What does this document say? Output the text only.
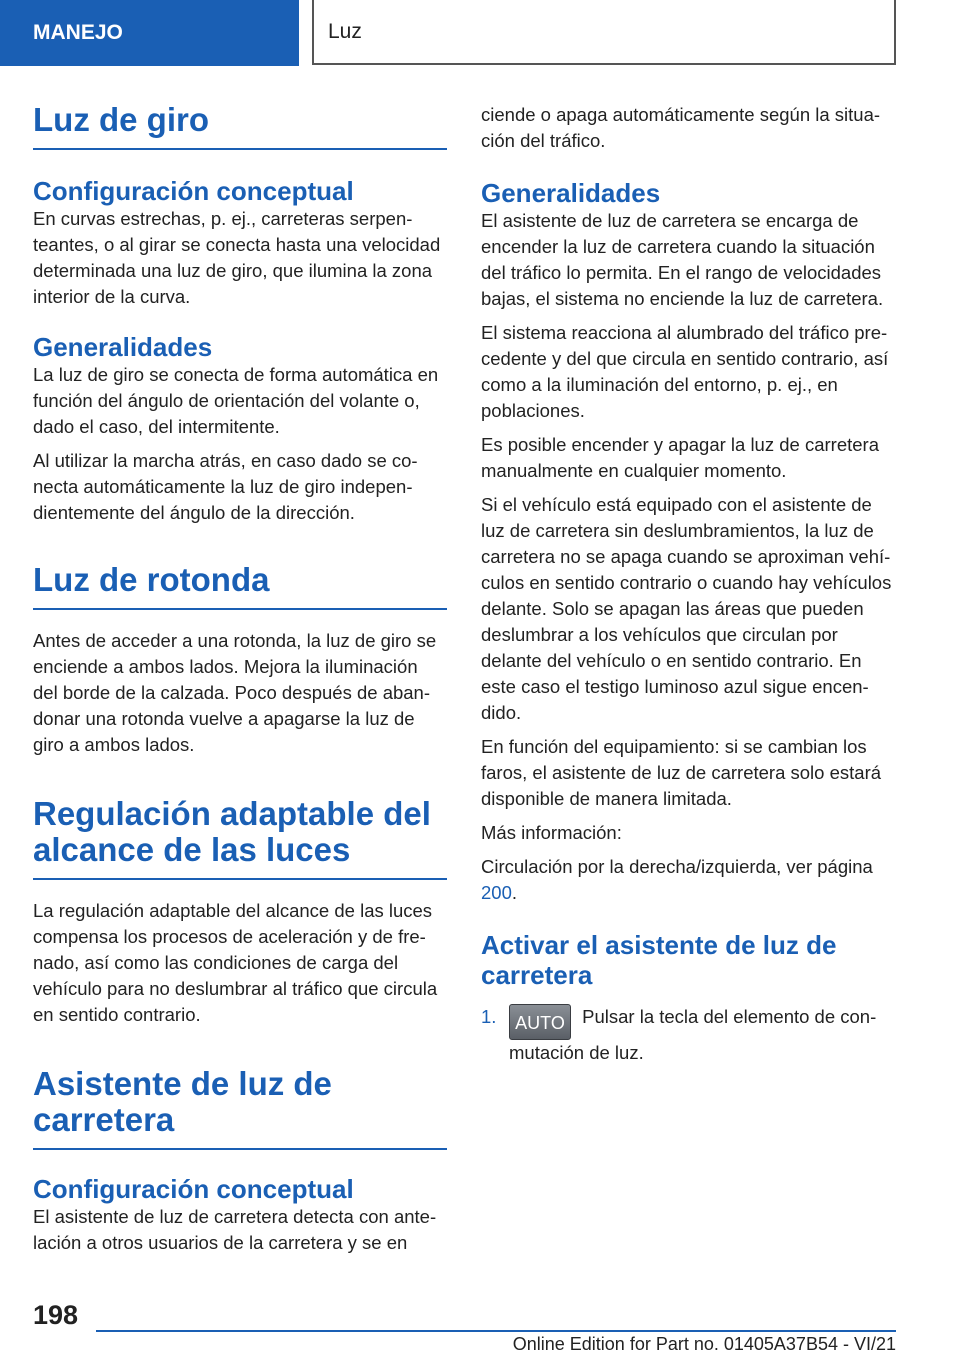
MANEJO	Luz
Luz de giro
Configuración conceptual

En curvas estrechas, p. ej., carreteras serpenteantes, o al girar se conecta hasta una velocidad determinada una luz de giro, que ilumina la zona interior de la curva.

Generalidades

La luz de giro se conecta de forma automática en función del ángulo de orientación del volante o, dado el caso, del intermitente.

Al utilizar la marcha atrás, en caso dado se conecta automáticamente la luz de giro independientemente del ángulo de la dirección.

Luz de rotonda

Antes de acceder a una rotonda, la luz de giro se enciende a ambos lados. Mejora la iluminación del borde de la calzada. Poco después de abandonar una rotonda vuelve a apagarse la luz de giro a ambos lados.

Regulación adaptable del alcance de las luces

La regulación adaptable del alcance de las luces compensa los procesos de aceleración y de frenado, así como las condiciones de carga del vehículo para no deslumbrar al tráfico que circula en sentido contrario.

Asistente de luz de carretera
Configuración conceptual

El asistente de luz de carretera detecta con antelación a otros usuarios de la carretera y se en

ciende o apaga automáticamente según la situación del tráfico.

Generalidades

El asistente de luz de carretera se encarga de encender la luz de carretera cuando la situación del tráfico lo permita. En el rango de velocidades bajas, el sistema no enciende la luz de carretera.

El sistema reacciona al alumbrado del tráfico precedente y del que circula en sentido contrario, así como a la iluminación del entorno, p. ej., en poblaciones.

Es posible encender y apagar la luz de carretera manualmente en cualquier momento.

Si el vehículo está equipado con el asistente de luz de carretera sin deslumbramientos, la luz de carretera no se apaga cuando se aproximan vehículos en sentido contrario o cuando hay vehículos delante. Solo se apagan las áreas que pueden deslumbrar a los vehículos que circulan por delante del vehículo o en sentido contrario. En este caso el testigo luminoso azul sigue encendido.

En función del equipamiento: si se cambian los faros, el asistente de luz de carretera solo estará disponible de manera limitada.

Más información:

Circulación por la derecha/izquierda, ver página 200.

Activar el asistente de luz de carretera
1. AUTO Pulsar la tecla del elemento de conmutación de luz.
198
Online Edition for Part no. 01405A37B54 - VI/21
